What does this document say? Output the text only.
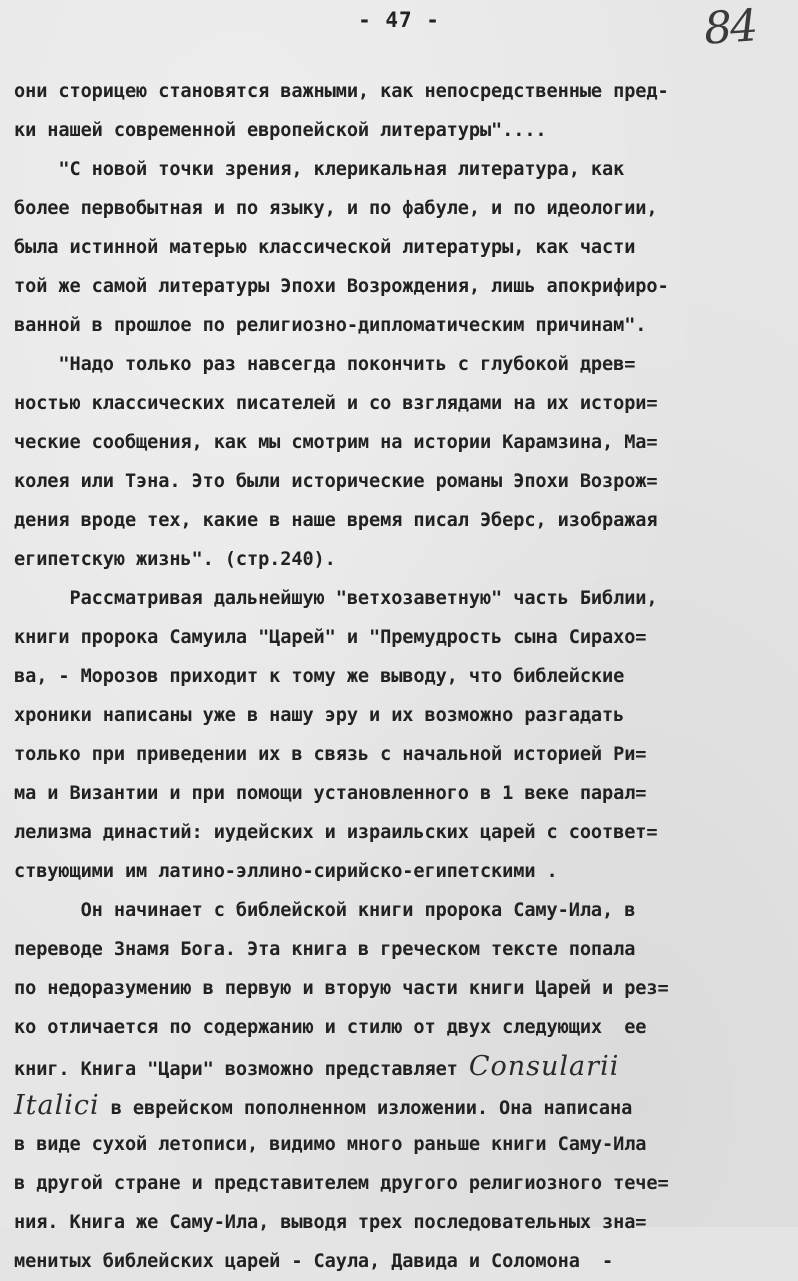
- 47 -	84
они сторицею становятся важными, как непосредственные пред-
ки нашей современной европейской литературы"....
"С новой точки зрения, клерикальная литература, как
более первобытная и по языку, и по фабуле, и по идеологии,
была истинной матерью классической литературы, как части
той же самой литературы Эпохи Возрождения, лишь апокрифиро-
ванной в прошлое по религиозно-дипломатическим причинам".
"Надо только раз навсегда покончить с глубокой древ=
ностью классических писателей и со взглядами на их истори=
ческие сообщения, как мы смотрим на истории Карамзина, Ма=
колея или Тэна. Это были исторические романы Эпохи Возрож=
дения вроде тех, какие в наше время писал Эберс, изображая
египетскую жизнь". (стр.240).
Рассматривая дальнейшую "ветхозаветную" часть Библии,
книги пророка Самуила "Царей" и "Премудрость сына Сирахо=
ва, - Морозов приходит к тому же выводу, что библейские
хроники написаны уже в нашу эру и их возможно разгадать
только при приведении их в связь с начальной историей Ри=
ма и Византии и при помощи установленного в 1 веке парал=
лелизма династий: иудейских и израильских царей с соответ=
ствующими им латино-эллино-сирийско-египетскими .
Он начинает с библейской книги пророка Саму-Ила, в
переводе Знамя Бога. Эта книга в греческом тексте попала
по недоразумению в первую и вторую части книги Царей и рез=
ко отличается по содержанию и стилю от двух следующих  ее
книг. Книга "Цари" возможно представляет Consularii
Italici в еврейском пополненном изложении. Она написана
в виде сухой летописи, видимо много раньше книги Саму-Ила
в другой стране и представителем другого религиозного тече=
ния. Книга же Саму-Ила, выводя трех последовательных зна=
менитых библейских царей - Саула, Давида и Соломона  -
